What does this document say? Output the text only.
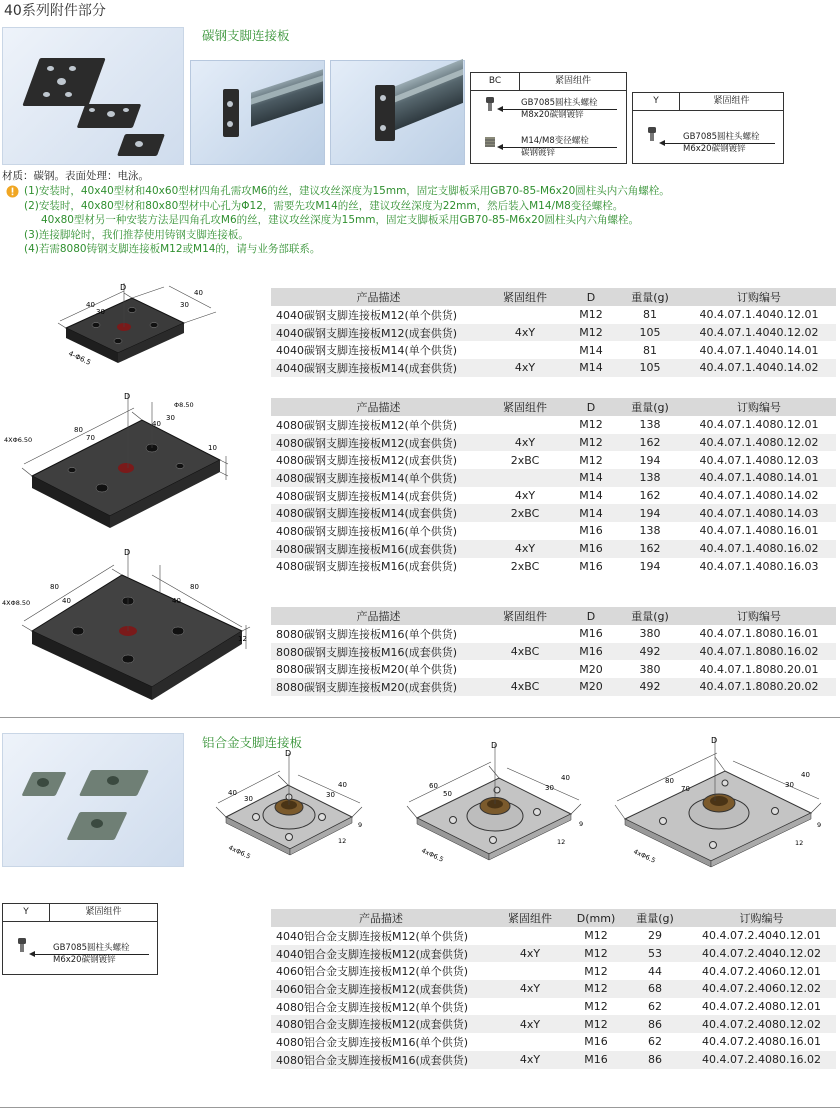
40系列附件部分
碳钢支脚连接板
BC	紧固组件
GB7085圆柱头螺栓
M8x20碳钢镀锌
M14/M8变径螺栓
碳钢镀锌
Y	紧固组件
GB7085圆柱头螺栓
M6x20碳钢镀锌
材质：碳钢。表面处理：电泳。
(1)安装时，40x40型材和40x60型材四角孔需攻M6的丝，建议攻丝深度为15mm，固定支脚板采用GB70-85-M6x20圆柱头内六角螺栓。
(2)安装时，40x80型材和80x80型材中心孔为Φ12，需要先攻M14的丝，建议攻丝深度为22mm，然后装入M14/M8变径螺栓。
40x80型材另一种安装方法是四角孔攻M6的丝，建议攻丝深度为15mm，固定支脚板采用GB70-85-M6x20圆柱头内六角螺栓。
(3)连接脚轮时，我们推荐使用铸钢支脚连接板。
(4)若需8080铸钢支脚连接板M12或M14的，请与业务部联系。
D
40
30
40
30
4-Φ6.5
D
Φ8.50
4XΦ6.50
80
70
40
30
10
D
4XΦ8.50
80
40
80
40
12
产品描述	紧固组件	D	重量(g)	订购编号
4040碳钢支脚连接板M12(单个供货)		M12	81	40.4.07.1.4040.12.01
4040碳钢支脚连接板M12(成套供货)	4xY	M12	105	40.4.07.1.4040.12.02
4040碳钢支脚连接板M14(单个供货)		M14	81	40.4.07.1.4040.14.01
4040碳钢支脚连接板M14(成套供货)	4xY	M14	105	40.4.07.1.4040.14.02
产品描述	紧固组件	D	重量(g)	订购编号
4080碳钢支脚连接板M12(单个供货)		M12	138	40.4.07.1.4080.12.01
4080碳钢支脚连接板M12(成套供货)	4xY	M12	162	40.4.07.1.4080.12.02
4080碳钢支脚连接板M12(成套供货)	2xBC	M12	194	40.4.07.1.4080.12.03
4080碳钢支脚连接板M14(单个供货)		M14	138	40.4.07.1.4080.14.01
4080碳钢支脚连接板M14(成套供货)	4xY	M14	162	40.4.07.1.4080.14.02
4080碳钢支脚连接板M14(成套供货)	2xBC	M14	194	40.4.07.1.4080.14.03
4080碳钢支脚连接板M16(单个供货)		M16	138	40.4.07.1.4080.16.01
4080碳钢支脚连接板M16(成套供货)	4xY	M16	162	40.4.07.1.4080.16.02
4080碳钢支脚连接板M16(成套供货)	2xBC	M16	194	40.4.07.1.4080.16.03
产品描述	紧固组件	D	重量(g)	订购编号
8080碳钢支脚连接板M16(单个供货)		M16	380	40.4.07.1.8080.16.01
8080碳钢支脚连接板M16(成套供货)	4xBC	M16	492	40.4.07.1.8080.16.02
8080碳钢支脚连接板M20(单个供货)		M20	380	40.4.07.1.8080.20.01
8080碳钢支脚连接板M20(成套供货)	4xBC	M20	492	40.4.07.1.8080.20.02
铝合金支脚连接板
D
40
30
40
30
4xΦ6.5
9
12
D
60
50
40
30
4xΦ6.5
9
12
D
80
70
40
30
4xΦ6.5
9
12
Y	紧固组件
GB7085圆柱头螺栓
M6x20碳钢镀锌
产品描述	紧固组件	D(mm)	重量(g)	订购编号
4040铝合金支脚连接板M12(单个供货)		M12	29	40.4.07.2.4040.12.01
4040铝合金支脚连接板M12(成套供货)	4xY	M12	53	40.4.07.2.4040.12.02
4060铝合金支脚连接板M12(单个供货)		M12	44	40.4.07.2.4060.12.01
4060铝合金支脚连接板M12(成套供货)	4xY	M12	68	40.4.07.2.4060.12.02
4080铝合金支脚连接板M12(单个供货)		M12	62	40.4.07.2.4080.12.01
4080铝合金支脚连接板M12(成套供货)	4xY	M12	86	40.4.07.2.4080.12.02
4080铝合金支脚连接板M16(单个供货)		M16	62	40.4.07.2.4080.16.01
4080铝合金支脚连接板M16(成套供货)	4xY	M16	86	40.4.07.2.4080.16.02
